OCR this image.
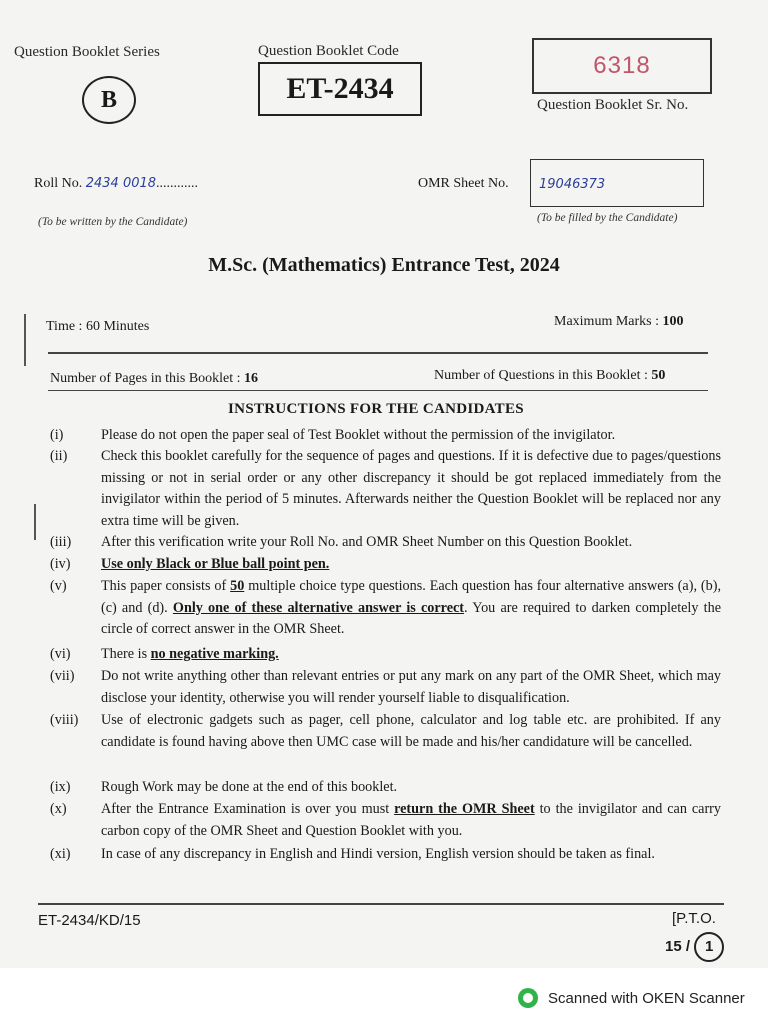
Question Booklet Series
B
Question Booklet Code
ET-2434
6318
Question Booklet Sr. No.
Roll No. 2434 0018............
(To be written by the Candidate)
OMR Sheet No. 19046373
(To be filled by the Candidate)
M.Sc. (Mathematics) Entrance Test, 2024
Time : 60 Minutes	Maximum Marks : 100
Number of Pages in this Booklet : 16	Number of Questions in this Booklet : 50
INSTRUCTIONS FOR THE CANDIDATES
(i)	Please do not open the paper seal of Test Booklet without the permission of the invigilator.
(ii)	Check this booklet carefully for the sequence of pages and questions. If it is defective due to pages/questions missing or not in serial order or any other discrepancy it should be got replaced immediately from the invigilator within the period of 5 minutes. Afterwards neither the Question Booklet will be replaced nor any extra time will be given.
(iii)	After this verification write your Roll No. and OMR Sheet Number on this Question Booklet.
(iv)	Use only Black or Blue ball point pen.
(v)	This paper consists of 50 multiple choice type questions. Each question has four alternative answers (a), (b), (c) and (d). Only one of these alternative answer is correct. You are required to darken completely the circle of correct answer in the OMR Sheet.
(vi)	There is no negative marking.
(vii)	Do not write anything other than relevant entries or put any mark on any part of the OMR Sheet, which may disclose your identity, otherwise you will render yourself liable to disqualification.
(viii)	Use of electronic gadgets such as pager, cell phone, calculator and log table etc. are prohibited. If any candidate is found having above then UMC case will be made and his/her candidature will be cancelled.
(ix)	Rough Work may be done at the end of this booklet.
(x)	After the Entrance Examination is over you must return the OMR Sheet to the invigilator and can carry carbon copy of the OMR Sheet and Question Booklet with you.
(xi)	In case of any discrepancy in English and Hindi version, English version should be taken as final.
ET-2434/KD/15	[P.T.O.
15 / 1
Scanned with OKEN Scanner
